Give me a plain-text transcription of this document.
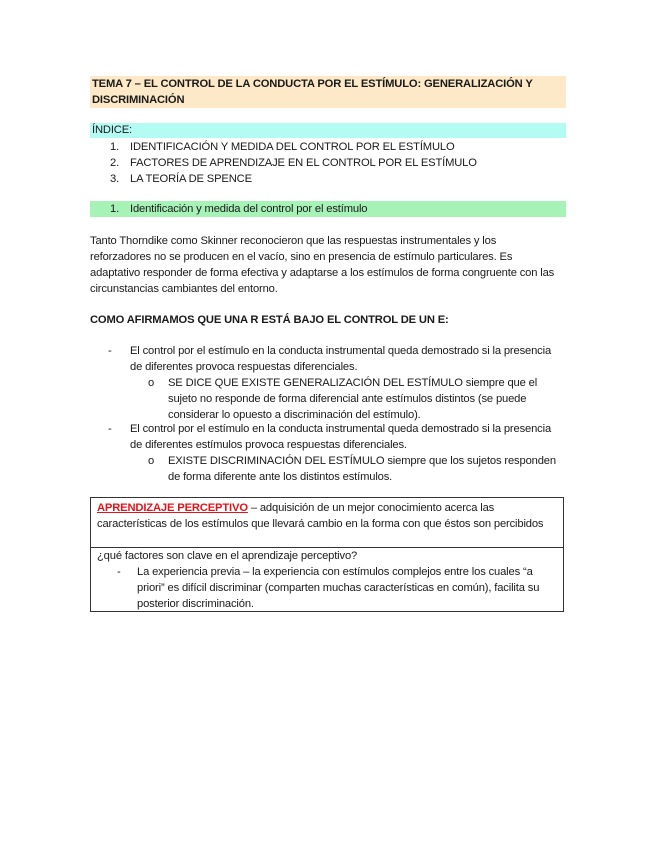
TEMA 7 – EL CONTROL DE LA CONDUCTA POR EL ESTÍMULO: GENERALIZACIÓN Y DISCRIMINACIÓN
ÍNDICE:
1. IDENTIFICACIÓN Y MEDIDA DEL CONTROL POR EL ESTÍMULO
2. FACTORES DE APRENDIZAJE EN EL CONTROL POR EL ESTÍMULO
3. LA TEORÍA DE SPENCE
1. Identificación y medida del control por el estímulo

Tanto Thorndike como Skinner reconocieron que las respuestas instrumentales y los reforzadores no se producen en el vacío, sino en presencia de estímulo particulares. Es adaptativo responder de forma efectiva y adaptarse a los estímulos de forma congruente con las circunstancias cambiantes del entorno.

COMO AFIRMAMOS QUE UNA R ESTÁ BAJO EL CONTROL DE UN E:

- El control por el estímulo en la conducta instrumental queda demostrado si la presencia de diferentes provoca respuestas diferenciales.
o SE DICE QUE EXISTE GENERALIZACIÓN DEL ESTÍMULO siempre que el sujeto no responde de forma diferencial ante estímulos distintos (se puede considerar lo opuesto a discriminación del estímulo).
- El control por el estímulo en la conducta instrumental queda demostrado si la presencia de diferentes estímulos provoca respuestas diferenciales.
o EXISTE DISCRIMINACIÓN DEL ESTÍMULO siempre que los sujetos responden de forma diferente ante los distintos estímulos.
APRENDIZAJE PERCEPTIVO – adquisición de un mejor conocimiento acerca las características de los estímulos que llevará cambio en la forma con que éstos son percibidos
¿qué factores son clave en el aprendizaje perceptivo?
- La experiencia previa – la experiencia con estímulos complejos entre los cuales “a priori” es difícil discriminar (comparten muchas características en común), facilita su posterior discriminación.
